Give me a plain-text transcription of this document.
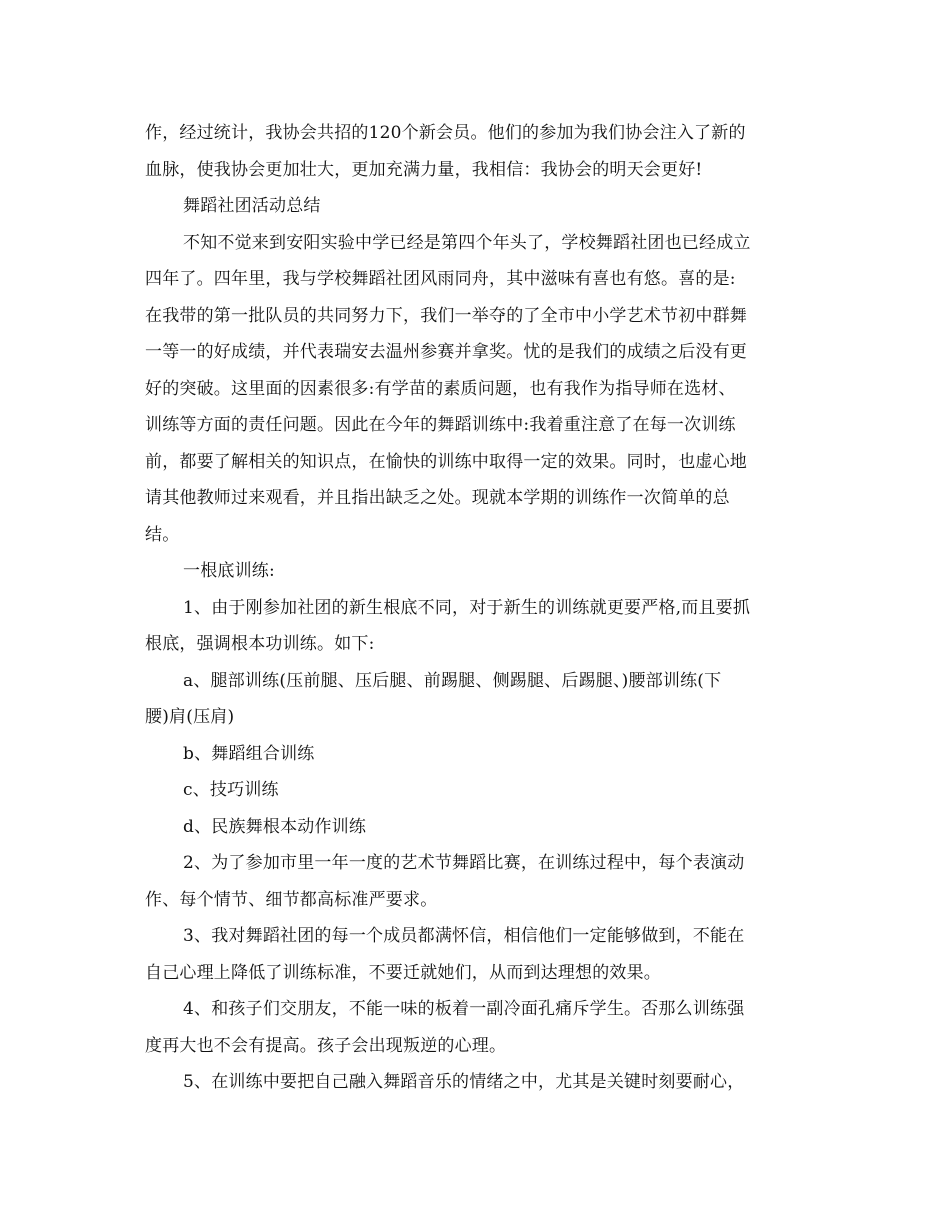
作，经过统计，我协会共招的120个新会员。他们的参加为我们协会注入了新的
血脉，使我协会更加壮大，更加充满力量，我相信：我协会的明天会更好!
舞蹈社团活动总结
不知不觉来到安阳实验中学已经是第四个年头了，学校舞蹈社团也已经成立
四年了。四年里，我与学校舞蹈社团风雨同舟，其中滋味有喜也有悠。喜的是:
在我带的第一批队员的共同努力下，我们一举夺的了全市中小学艺术节初中群舞
一等一的好成绩，并代表瑞安去温州参赛并拿奖。忧的是我们的成绩之后没有更
好的突破。这里面的因素很多:有学苗的素质问题，也有我作为指导师在选材、
训练等方面的责任问题。因此在今年的舞蹈训练中:我着重注意了在每一次训练
前，都要了解相关的知识点，在愉快的训练中取得一定的效果。同时，也虚心地
请其他教师过来观看，并且指出缺乏之处。现就本学期的训练作一次简单的总
结。
一根底训练:
1、由于刚参加社团的新生根底不同，对于新生的训练就更要严格,而且要抓
根底，强调根本功训练。如下:
a、腿部训练(压前腿、压后腿、前踢腿、侧踢腿、后踢腿、)腰部训练(下
腰)肩(压肩)
b、舞蹈组合训练
c、技巧训练
d、民族舞根本动作训练
2、为了参加市里一年一度的艺术节舞蹈比赛，在训练过程中，每个表演动
作、每个情节、细节都高标准严要求。
3、我对舞蹈社团的每一个成员都满怀信，相信他们一定能够做到，不能在
自己心理上降低了训练标准，不要迁就她们，从而到达理想的效果。
4、和孩子们交朋友，不能一味的板着一副冷面孔痛斥学生。否那么训练强
度再大也不会有提高。孩子会出现叛逆的心理。
5、在训练中要把自己融入舞蹈音乐的情绪之中，尤其是关键时刻要耐心，
